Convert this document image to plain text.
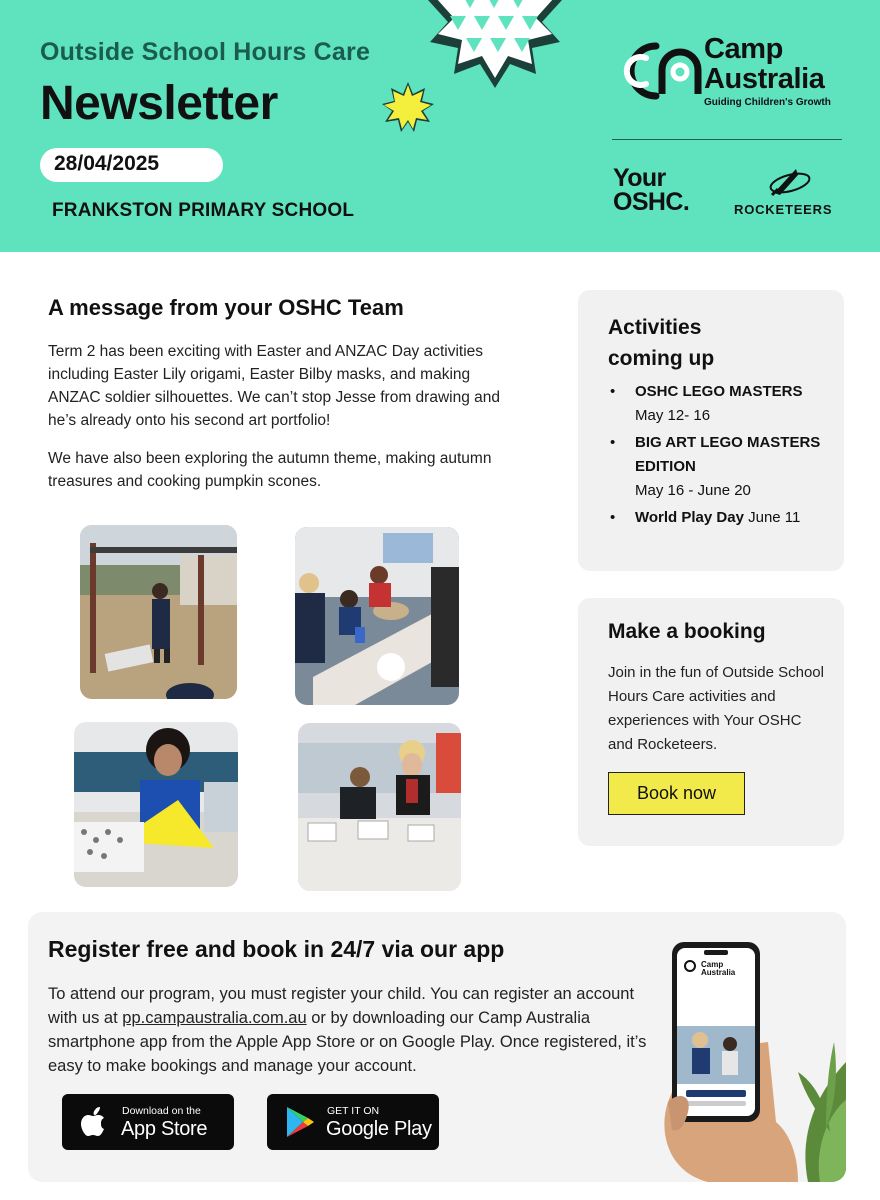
Outside School Hours Care
Newsletter
28/04/2025
FRANKSTON PRIMARY SCHOOL
Camp
Australia
Guiding Children's Growth
Your
OSHC.	ROCKETEERS
A message from your OSHC Team

Term 2 has been exciting with Easter and ANZAC Day activities including Easter Lily origami, Easter Bilby masks, and making ANZAC soldier silhouettes. We can’t stop Jesse from drawing and he’s already onto his second art portfolio!

We have also been exploring the autumn theme, making autumn treasures and cooking pumpkin scones.

Activities
coming up
• OSHC LEGO MASTERS
May 12- 16
• BIG ART LEGO MASTERS EDITION
May 16 - June 20
• World Play Day June 11
Make a booking

Join in the fun of Outside School Hours Care activities and experiences with Your OSHC and Rocketeers.

Book now
Register free and book in 24/7 via our app

To attend our program, you must register your child. You can register an account with us at pp.campaustralia.com.au or by downloading our Camp Australia smartphone app from the Apple App Store or on Google Play. Once registered, it’s easy to make bookings and manage your account.

Download on the
App Store
GET IT ON
Google Play
Camp
Australia
